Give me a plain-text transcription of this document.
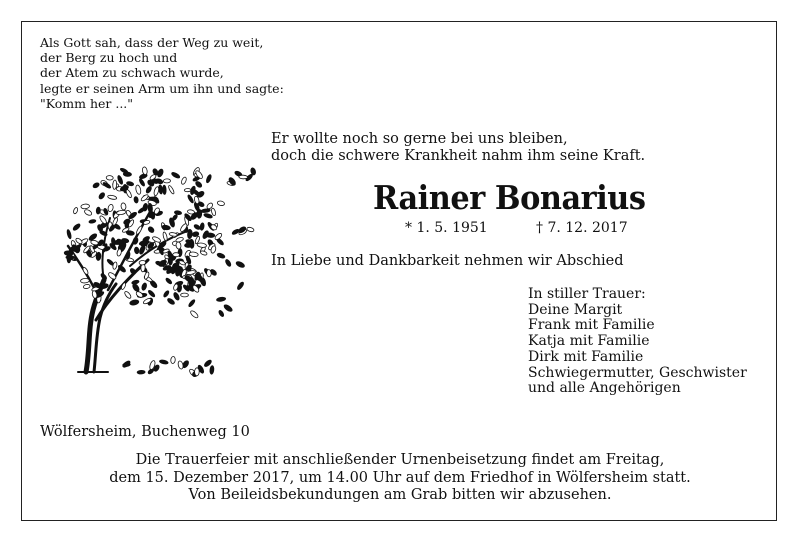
Als Gott sah, dass der Weg zu weit,
der Berg zu hoch und
der Atem zu schwach wurde,
legte er seinen Arm um ihn und sagte:
"Komm her ..."
Er wollte noch so gerne bei uns bleiben,
doch die schwere Krankheit nahm ihm seine Kraft.
Rainer Bonarius
* 1. 5. 1951	† 7. 12. 2017
In Liebe und Dankbarkeit nehmen wir Abschied
In stiller Trauer:
Deine Margit
Frank mit Familie
Katja mit Familie
Dirk mit Familie
Schwiegermutter, Geschwister
und alle Angehörigen
Wölfersheim, Buchenweg 10
Die Trauerfeier mit anschließender Urnenbeisetzung findet am Freitag,
dem 15. Dezember 2017, um 14.00 Uhr auf dem Friedhof in Wölfersheim statt.
Von Beileidsbekundungen am Grab bitten wir abzusehen.
